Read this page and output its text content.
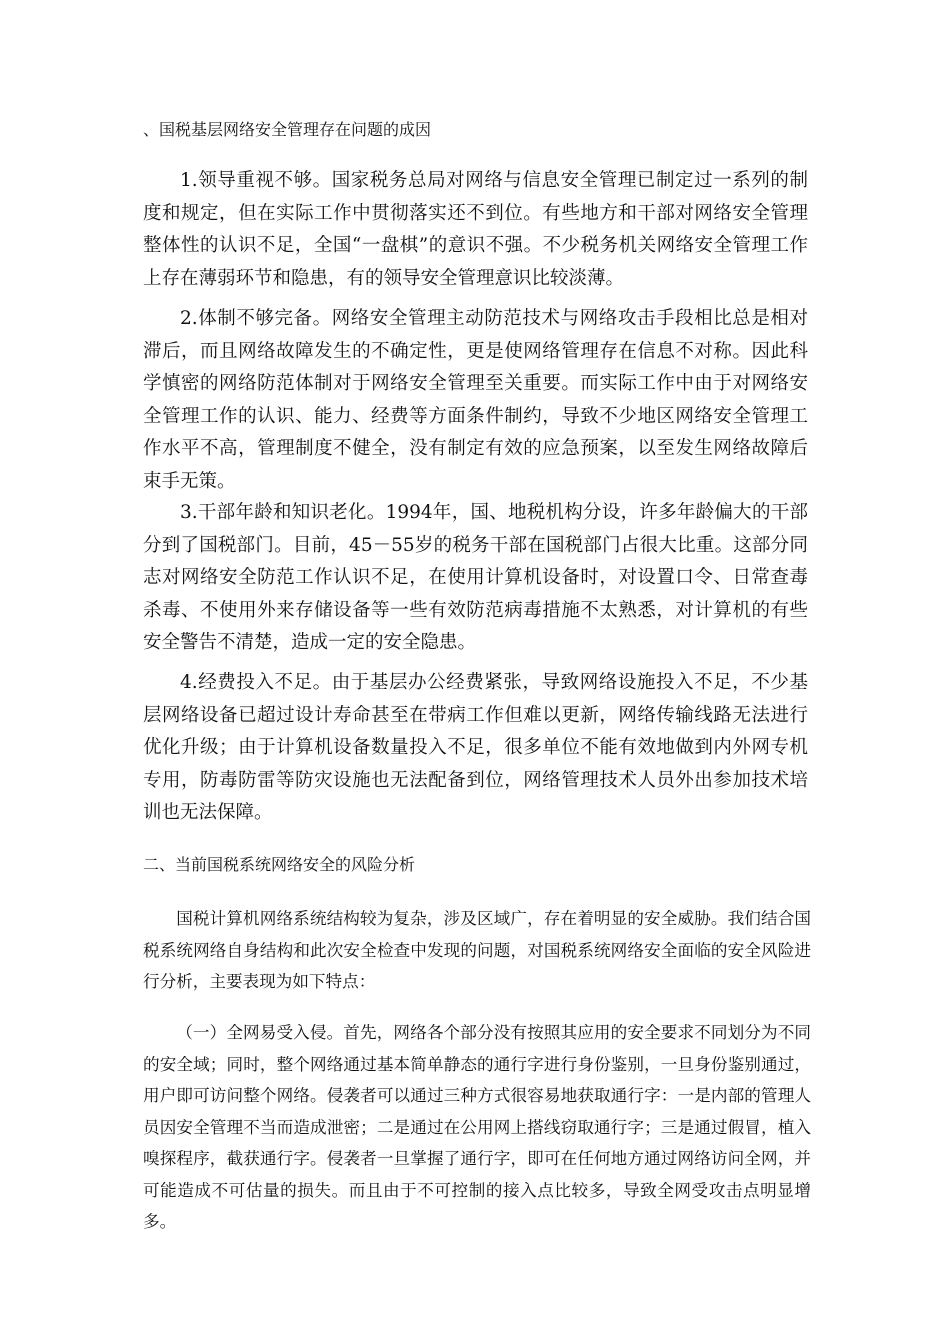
、国税基层网络安全管理存在问题的成因

1.领导重视不够。国家税务总局对网络与信息安全管理已制定过一系列的制度和规定，但在实际工作中贯彻落实还不到位。有些地方和干部对网络安全管理整体性的认识不足，全国“一盘棋”的意识不强。不少税务机关网络安全管理工作上存在薄弱环节和隐患，有的领导安全管理意识比较淡薄。

2.体制不够完备。网络安全管理主动防范技术与网络攻击手段相比总是相对滞后，而且网络故障发生的不确定性，更是使网络管理存在信息不对称。因此科学慎密的网络防范体制对于网络安全管理至关重要。而实际工作中由于对网络安全管理工作的认识、能力、经费等方面条件制约，导致不少地区网络安全管理工作水平不高，管理制度不健全，没有制定有效的应急预案，以至发生网络故障后束手无策。

3.干部年龄和知识老化。1994年，国、地税机构分设，许多年龄偏大的干部分到了国税部门。目前，45－55岁的税务干部在国税部门占很大比重。这部分同志对网络安全防范工作认识不足，在使用计算机设备时，对设置口令、日常查毒杀毒、不使用外来存储设备等一些有效防范病毒措施不太熟悉，对计算机的有些安全警告不清楚，造成一定的安全隐患。

4.经费投入不足。由于基层办公经费紧张，导致网络设施投入不足，不少基层网络设备已超过设计寿命甚至在带病工作但难以更新，网络传输线路无法进行优化升级；由于计算机设备数量投入不足，很多单位不能有效地做到内外网专机专用，防毒防雷等防灾设施也无法配备到位，网络管理技术人员外出参加技术培训也无法保障。

二、当前国税系统网络安全的风险分析

国税计算机网络系统结构较为复杂，涉及区域广，存在着明显的安全威胁。我们结合国税系统网络自身结构和此次安全检查中发现的问题，对国税系统网络安全面临的安全风险进行分析，主要表现为如下特点：

（一）全网易受入侵。首先，网络各个部分没有按照其应用的安全要求不同划分为不同的安全域；同时，整个网络通过基本简单静态的通行字进行身份鉴别，一旦身份鉴别通过，用户即可访问整个网络。侵袭者可以通过三种方式很容易地获取通行字：一是内部的管理人员因安全管理不当而造成泄密；二是通过在公用网上搭线窃取通行字；三是通过假冒，植入嗅探程序，截获通行字。侵袭者一旦掌握了通行字，即可在任何地方通过网络访问全网，并可能造成不可估量的损失。而且由于不可控制的接入点比较多，导致全网受攻击点明显增多。
